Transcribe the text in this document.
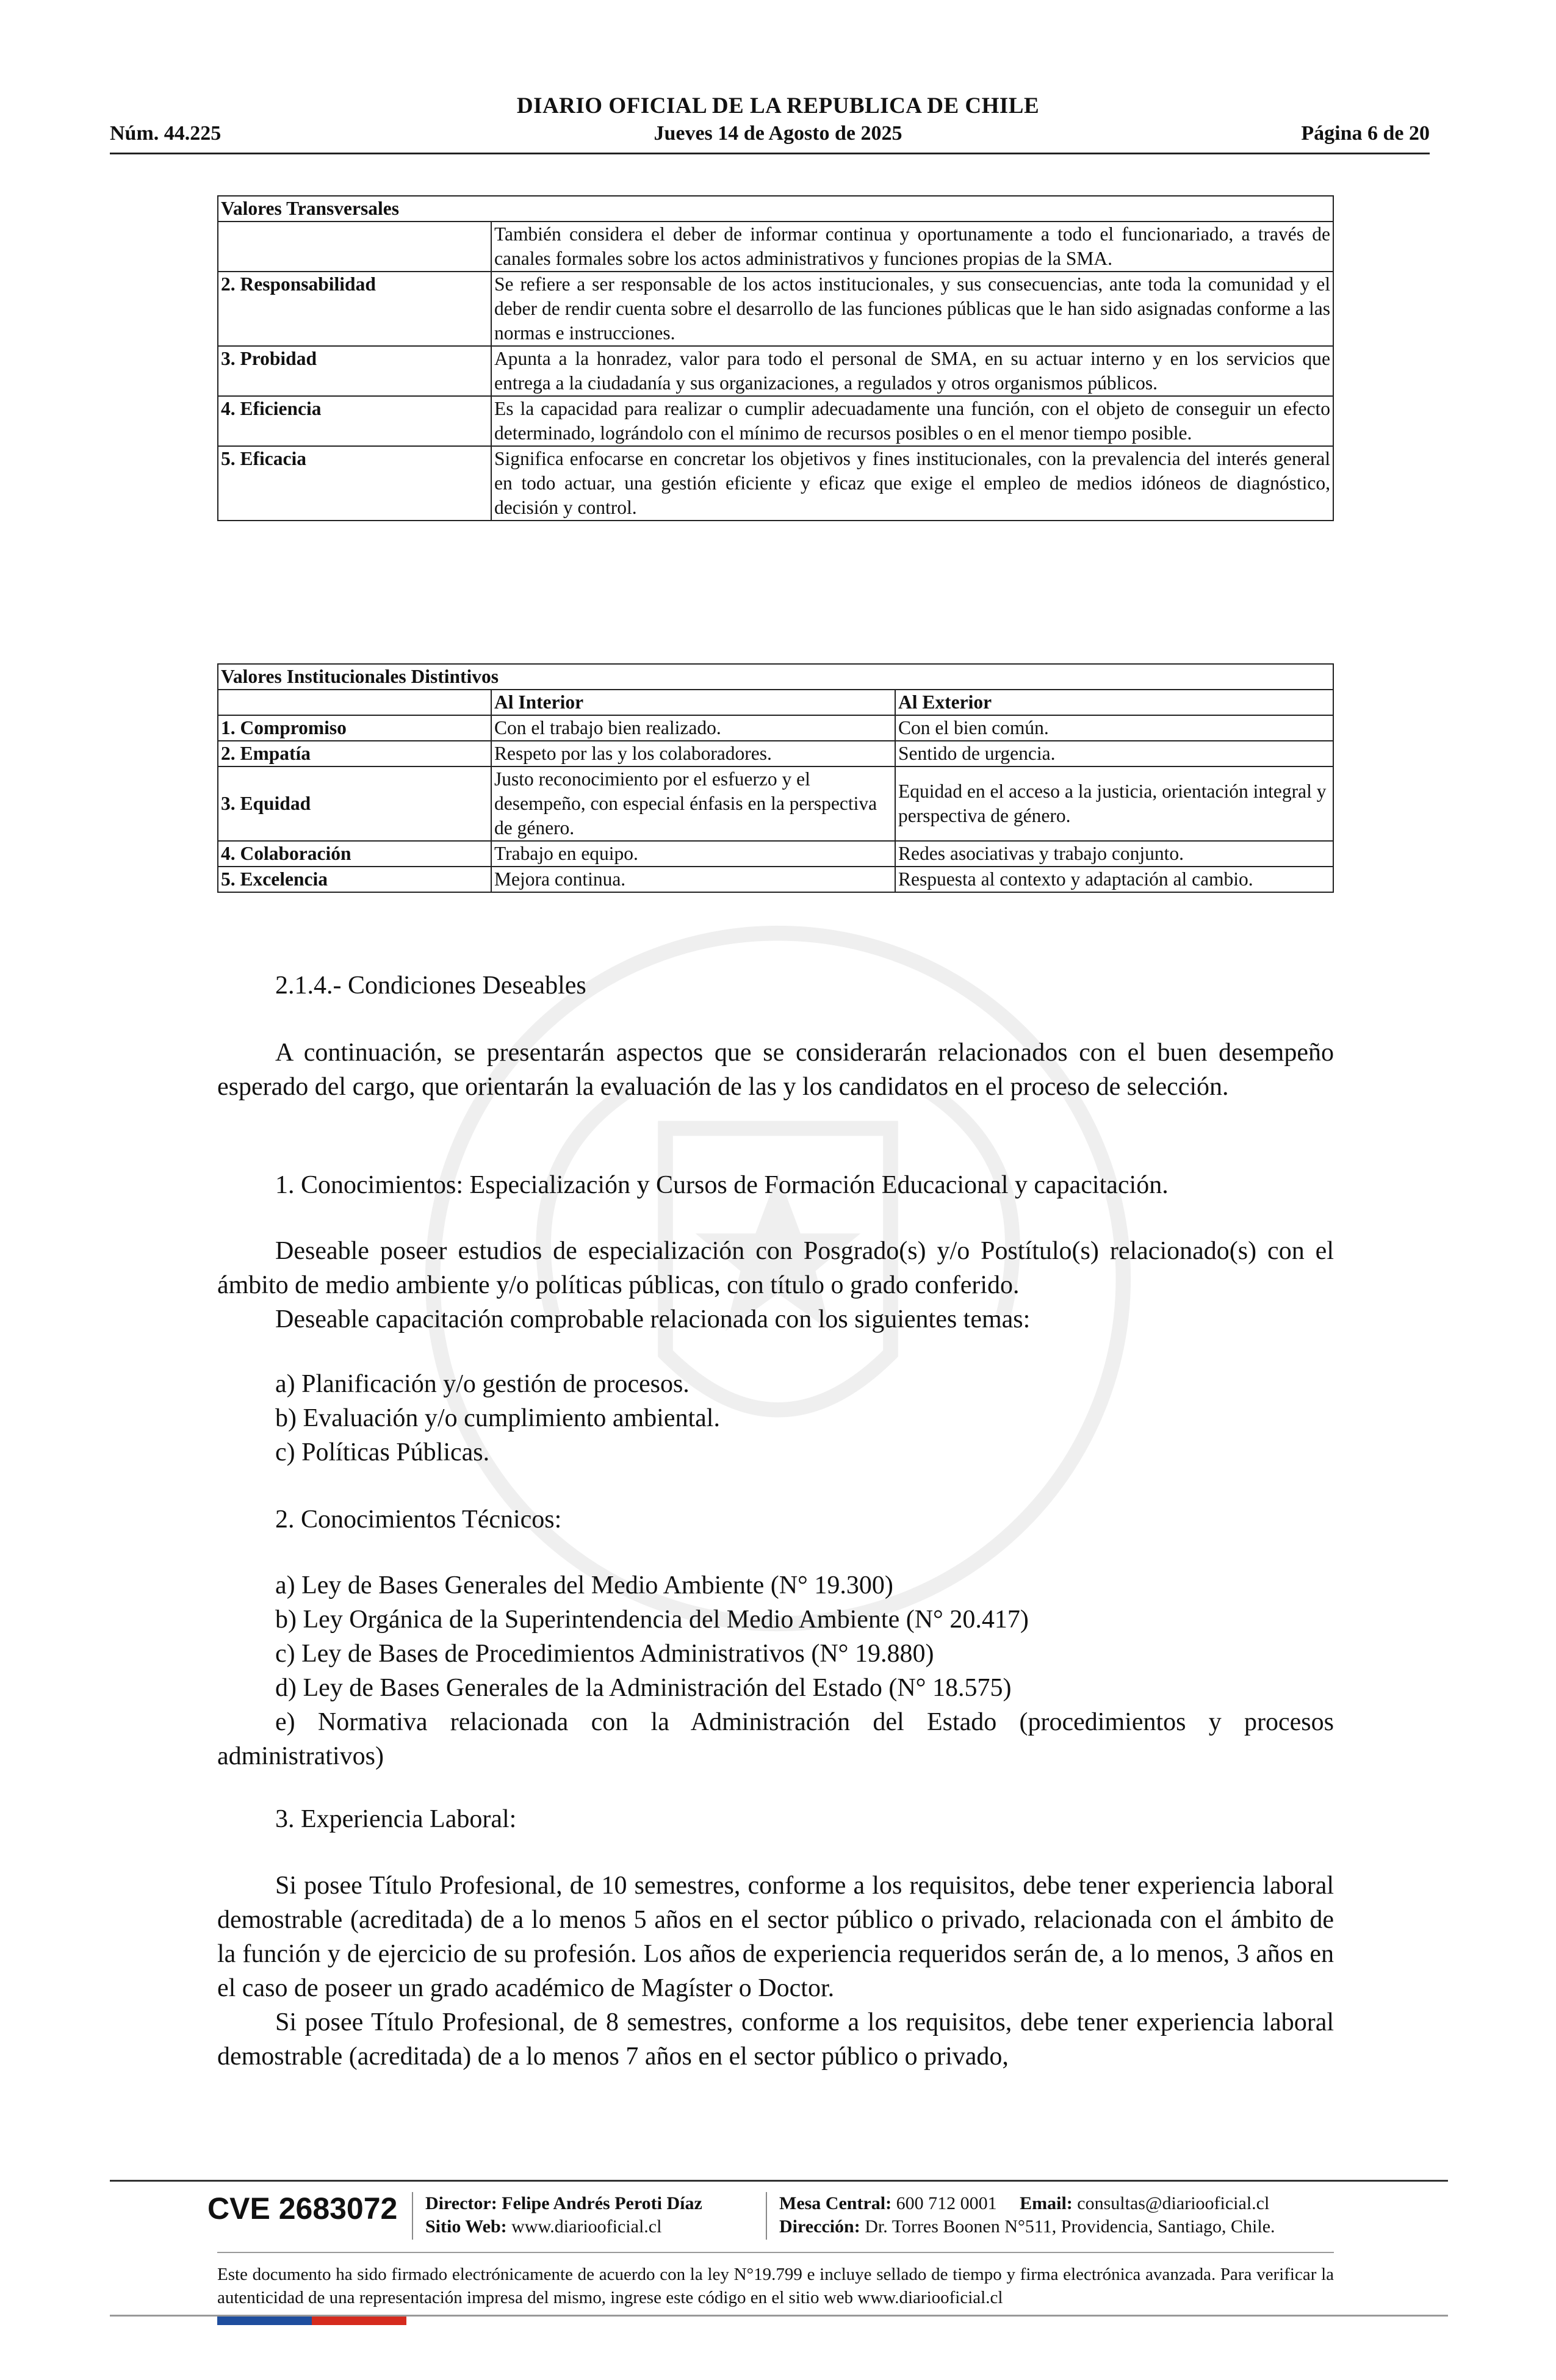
DIARIO OFICIAL DE LA REPUBLICA DE CHILE
Núm. 44.225	Jueves 14 de Agosto de 2025	Página 6 de 20
Valores Transversales	
	También considera el deber de informar continua y oportunamente a todo el funcionariado, a través de canales formales sobre los actos administrativos y funciones propias de la SMA.
2. Responsabilidad	Se refiere a ser responsable de los actos institucionales, y sus consecuencias, ante toda la comunidad y el deber de rendir cuenta sobre el desarrollo de las funciones públicas que le han sido asignadas conforme a las normas e instrucciones.
3. Probidad	Apunta a la honradez, valor para todo el personal de SMA, en su actuar interno y en los servicios que entrega a la ciudadanía y sus organizaciones, a regulados y otros organismos públicos.
4. Eficiencia	Es la capacidad para realizar o cumplir adecuadamente una función, con el objeto de conseguir un efecto determinado, lográndolo con el mínimo de recursos posibles o en el menor tiempo posible.
5. Eficacia	Significa enfocarse en concretar los objetivos y fines institucionales, con la prevalencia del interés general en todo actuar, una gestión eficiente y eficaz que exige el empleo de medios idóneos de diagnóstico, decisión y control.
Valores Institucionales Distintivos		
	Al Interior	Al Exterior
1. Compromiso	Con el trabajo bien realizado.	Con el bien común.
2. Empatía	Respeto por las y los colaboradores.	Sentido de urgencia.
3. Equidad	Justo reconocimiento por el esfuerzo y el desempeño, con especial énfasis en la perspectiva de género.	Equidad en el acceso a la justicia, orientación integral y perspectiva de género.
4. Colaboración	Trabajo en equipo.	Redes asociativas y trabajo conjunto.
5. Excelencia	Mejora continua.	Respuesta al contexto y adaptación al cambio.
2.1.4.- Condiciones Deseables
A continuación, se presentarán aspectos que se considerarán relacionados con el buen desempeño esperado del cargo, que orientarán la evaluación de las y los candidatos en el proceso de selección.
1. Conocimientos: Especialización y Cursos de Formación Educacional y capacitación.
Deseable poseer estudios de especialización con Posgrado(s) y/o Postítulo(s) relacionado(s) con el ámbito de medio ambiente y/o políticas públicas, con título o grado conferido.
Deseable capacitación comprobable relacionada con los siguientes temas:
a) Planificación y/o gestión de procesos.
b) Evaluación y/o cumplimiento ambiental.
c) Políticas Públicas.
2. Conocimientos Técnicos:
a) Ley de Bases Generales del Medio Ambiente (N° 19.300)
b) Ley Orgánica de la Superintendencia del Medio Ambiente (N° 20.417)
c) Ley de Bases de Procedimientos Administrativos (N° 19.880)
d) Ley de Bases Generales de la Administración del Estado (N° 18.575)
e) Normativa relacionada con la Administración del Estado (procedimientos y procesos administrativos)
3. Experiencia Laboral:
Si posee Título Profesional, de 10 semestres, conforme a los requisitos, debe tener experiencia laboral demostrable (acreditada) de a lo menos 5 años en el sector público o privado, relacionada con el ámbito de la función y de ejercicio de su profesión. Los años de experiencia requeridos serán de, a lo menos, 3 años en el caso de poseer un grado académico de Magíster o Doctor.
Si posee Título Profesional, de 8 semestres, conforme a los requisitos, debe tener experiencia laboral demostrable (acreditada) de a lo menos 7 años en el sector público o privado,
CVE 2683072 Director: Felipe Andrés Peroti Díaz
Sitio Web: www.diariooficial.cl
Mesa Central: 600 712 0001 Email: consultas@diariooficial.cl
Dirección: Dr. Torres Boonen N°511, Providencia, Santiago, Chile.
Este documento ha sido firmado electrónicamente de acuerdo con la ley N°19.799 e incluye sellado de tiempo y firma electrónica avanzada. Para verificar la autenticidad de una representación impresa del mismo, ingrese este código en el sitio web www.diariooficial.cl
